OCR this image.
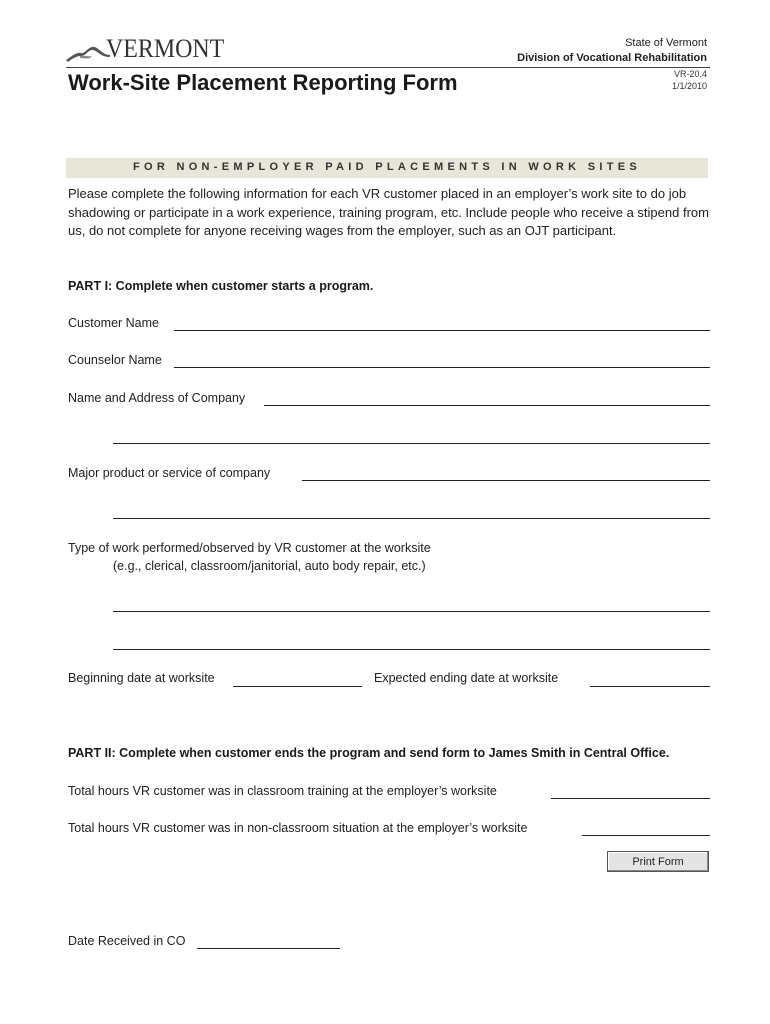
VERMONT	State of Vermont
Division of Vocational Rehabilitation
VR-20.4
1/1/2010
Work-Site Placement Reporting Form
FOR NON-EMPLOYER PAID PLACEMENTS IN WORK SITES
Please complete the following information for each VR customer placed in an employer’s work site to do job shadowing or participate in a work experience, training program, etc. Include people who receive a stipend from us, do not complete for anyone receiving wages from the employer, such as an OJT participant.
PART I: Complete when customer starts a program.
Customer Name
Counselor Name
Name and Address of Company
Major product or service of company
Type of work performed/observed by VR customer at the worksite
(e.g., clerical, classroom/janitorial, auto body repair, etc.)
Beginning date at worksite	Expected ending date at worksite
PART II: Complete when customer ends the program and send form to James Smith in Central Office.
Total hours VR customer was in classroom training at the employer’s worksite
Total hours VR customer was in non-classroom situation at the employer’s worksite
Print Form
Date Received in CO
